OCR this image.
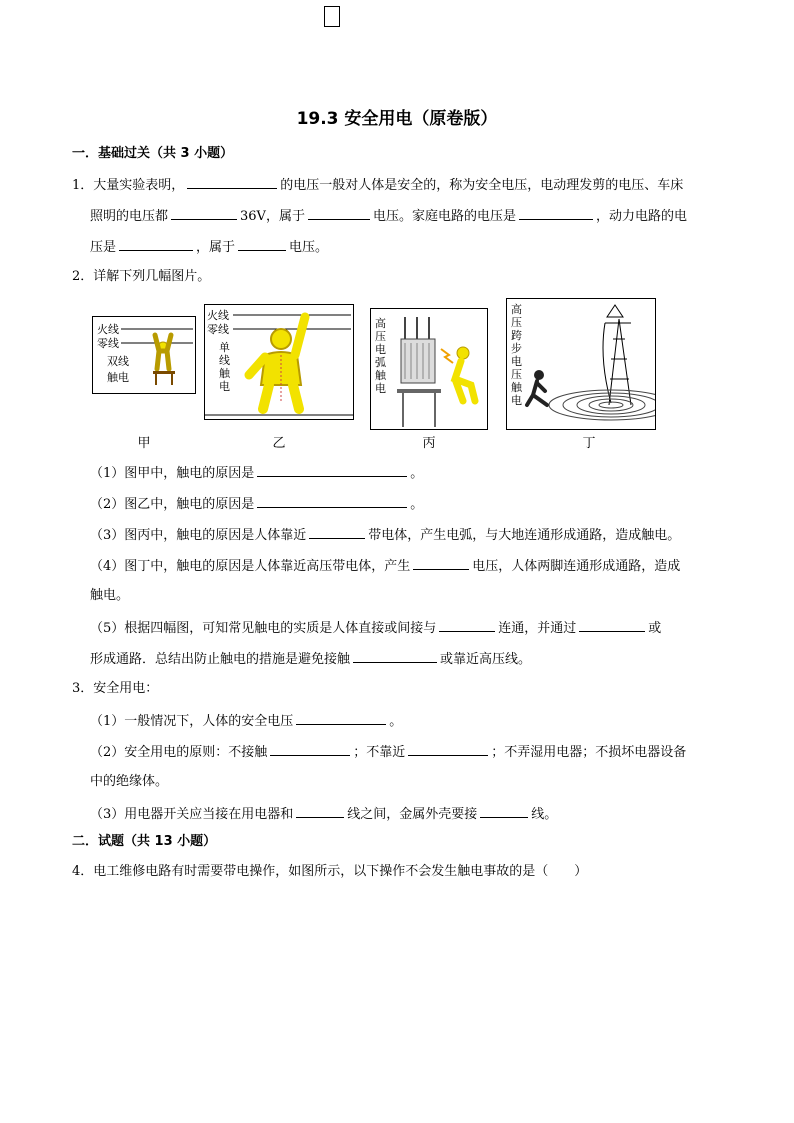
19.3 安全用电（原卷版）
一．基础过关（共 3 小题）
1．大量实验表明，	的电压一般对人体是安全的，称为安全电压，电动理发剪的电压、车床
照明的电压都	36V，属于	电压。家庭电路的电压是	，动力电路的电
压是	，属于	电压。
2．详解下列几幅图片。
火线
零线
双线
触电
甲
火线
零线
单线触电
乙
高压电弧触电
丙
高压跨步电压触电
丁
（1）图甲中，触电的原因是	。
（2）图乙中，触电的原因是	。
（3）图丙中，触电的原因是人体靠近	带电体，产生电弧，与大地连通形成通路，造成触电。
（4）图丁中，触电的原因是人体靠近高压带电体，产生	电压，人体两脚连通形成通路，造成
触电。
（5）根据四幅图，可知常见触电的实质是人体直接或间接与	连通，并通过	或
形成通路．总结出防止触电的措施是避免接触	或靠近高压线。
3．安全用电：
（1）一般情况下，人体的安全电压	。
（2）安全用电的原则：不接触	；不靠近	；不弄湿用电器；不损坏电器设备
中的绝缘体。
（3）用电器开关应当接在用电器和	线之间，金属外壳要接	线。
二．试题（共 13 小题）
4．电工维修电路有时需要带电操作，如图所示，以下操作不会发生触电事故的是（　　）
